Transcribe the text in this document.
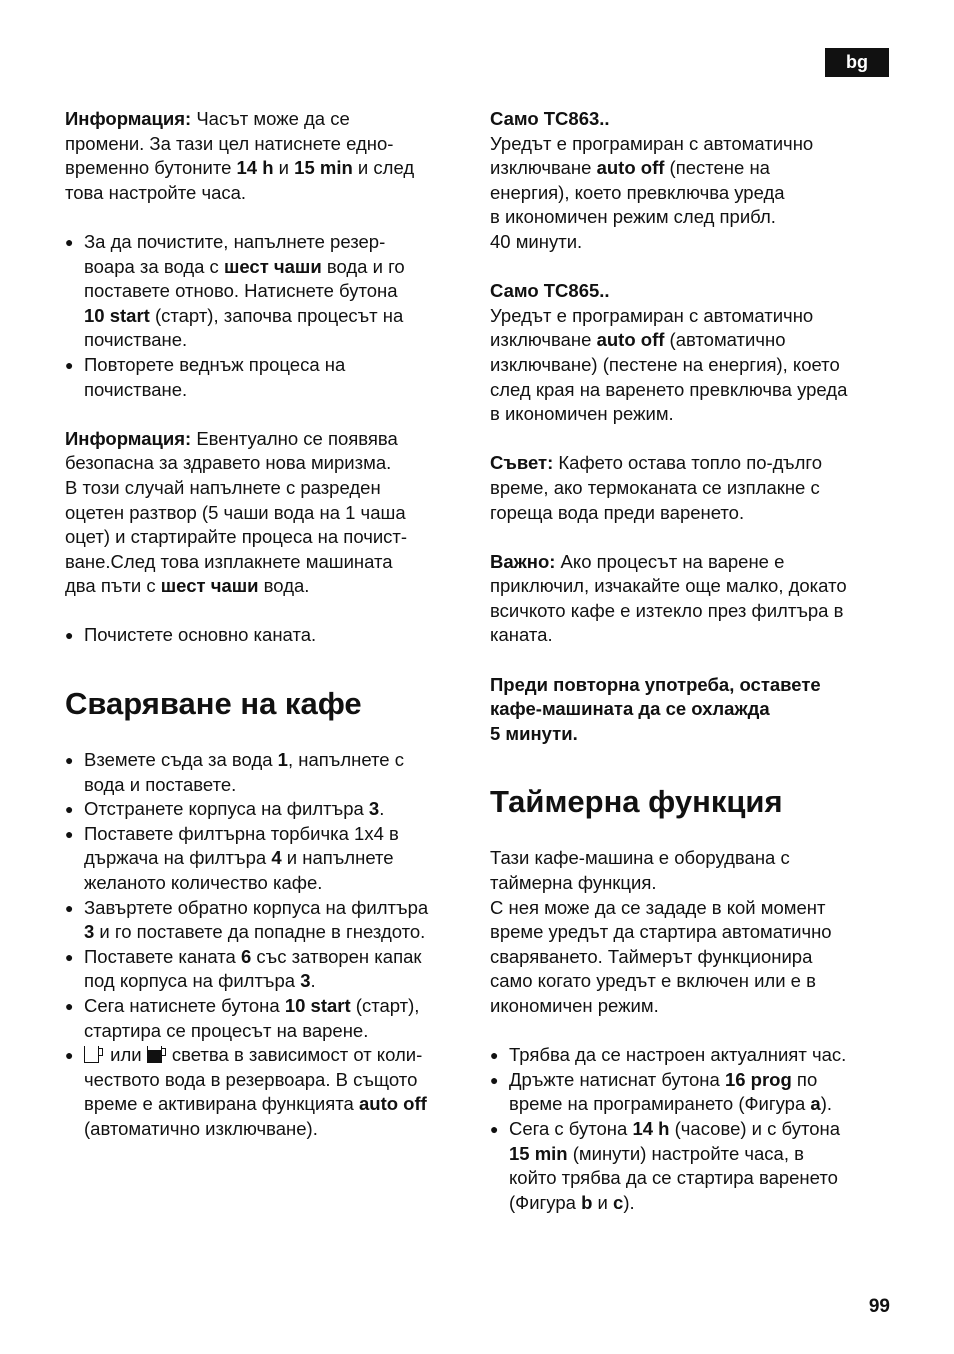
bg
Информация: Часът може да се
промени. За тази цел натиснете едно-
временно бутоните 14 h и 15 min и след
това настройте часа.
● За да почистите, напълнете резер-
воара за вода с шест чаши вода и го
поставете отново. Натиснете бутона
10 start (старт), започва процесът на
почистване.
● Повторете веднъж процеса на
почистване.
Информация: Евентуално се появява
безопасна за здравето нова миризма.
В този случай напълнете с разреден
оцетен разтвор (5 чаши вода на 1 чаша
оцет) и стартирайте процеса на почист-
ване.След това изплакнете машината
два пъти с шест чаши вода.
● Почистете основно каната.
Сваряване на кафе
● Вземете съда за вода 1, напълнете с
вода и поставете.
● Отстранете корпуса на филтъра 3.
● Поставете филтърна торбичка 1x4 в
държача на филтъра 4 и напълнете
желаното количество кафе.
● Завъртете обратно корпуса на филтъра
3 и го поставете да попадне в гнездото.
● Поставете каната 6 със затворен капак
под корпуса на филтъра 3.
● Сега натиснете бутона 10 start (старт),
стартира се процесът на варене.
● или  светва в зависимост от коли-
чеството вода в резервоара. В същото
време е активирана функцията auto off
(автоматично изключване).
Само TC863..
Уредът е програмиран с автоматично
изключване auto off (пестене на
енергия), което превключва уреда
в икономичен режим след прибл.
40 минути.
Само TC865..
Уредът е програмиран с автоматично
изключване auto off (автоматично
изключване) (пестене на енергия), което
след края на варенето превключва уреда
в икономичен режим.
Съвет: Кафето остава топло по-дълго
време, ако термоканата се изплакне с
гореща вода преди варенето.
Важно: Ако процесът на варене е
приключил, изчакайте още малко, докато
всичкото кафе е изтекло през филтъра в
каната.
Преди повторна употреба, оставете
кафе-машината да се охлажда
5 минути.
Таймерна функция
Тази кафе-машина е оборудвана с
таймерна функция.
С нея може да се зададе в кой момент
време уредът да стартира автоматично
сваряването. Таймерът функционира
само когато уредът е включен или е в
икономичен режим.
● Трябва да се настроен актуалният час.
● Дръжте натиснат бутона 16 prog по
време на програмирането (Фигура a).
● Сега с бутона 14 h (часове) и с бутона
15 min (минути) настройте часа, в
който трябва да се стартира варенето
(Фигура b и c).
99
